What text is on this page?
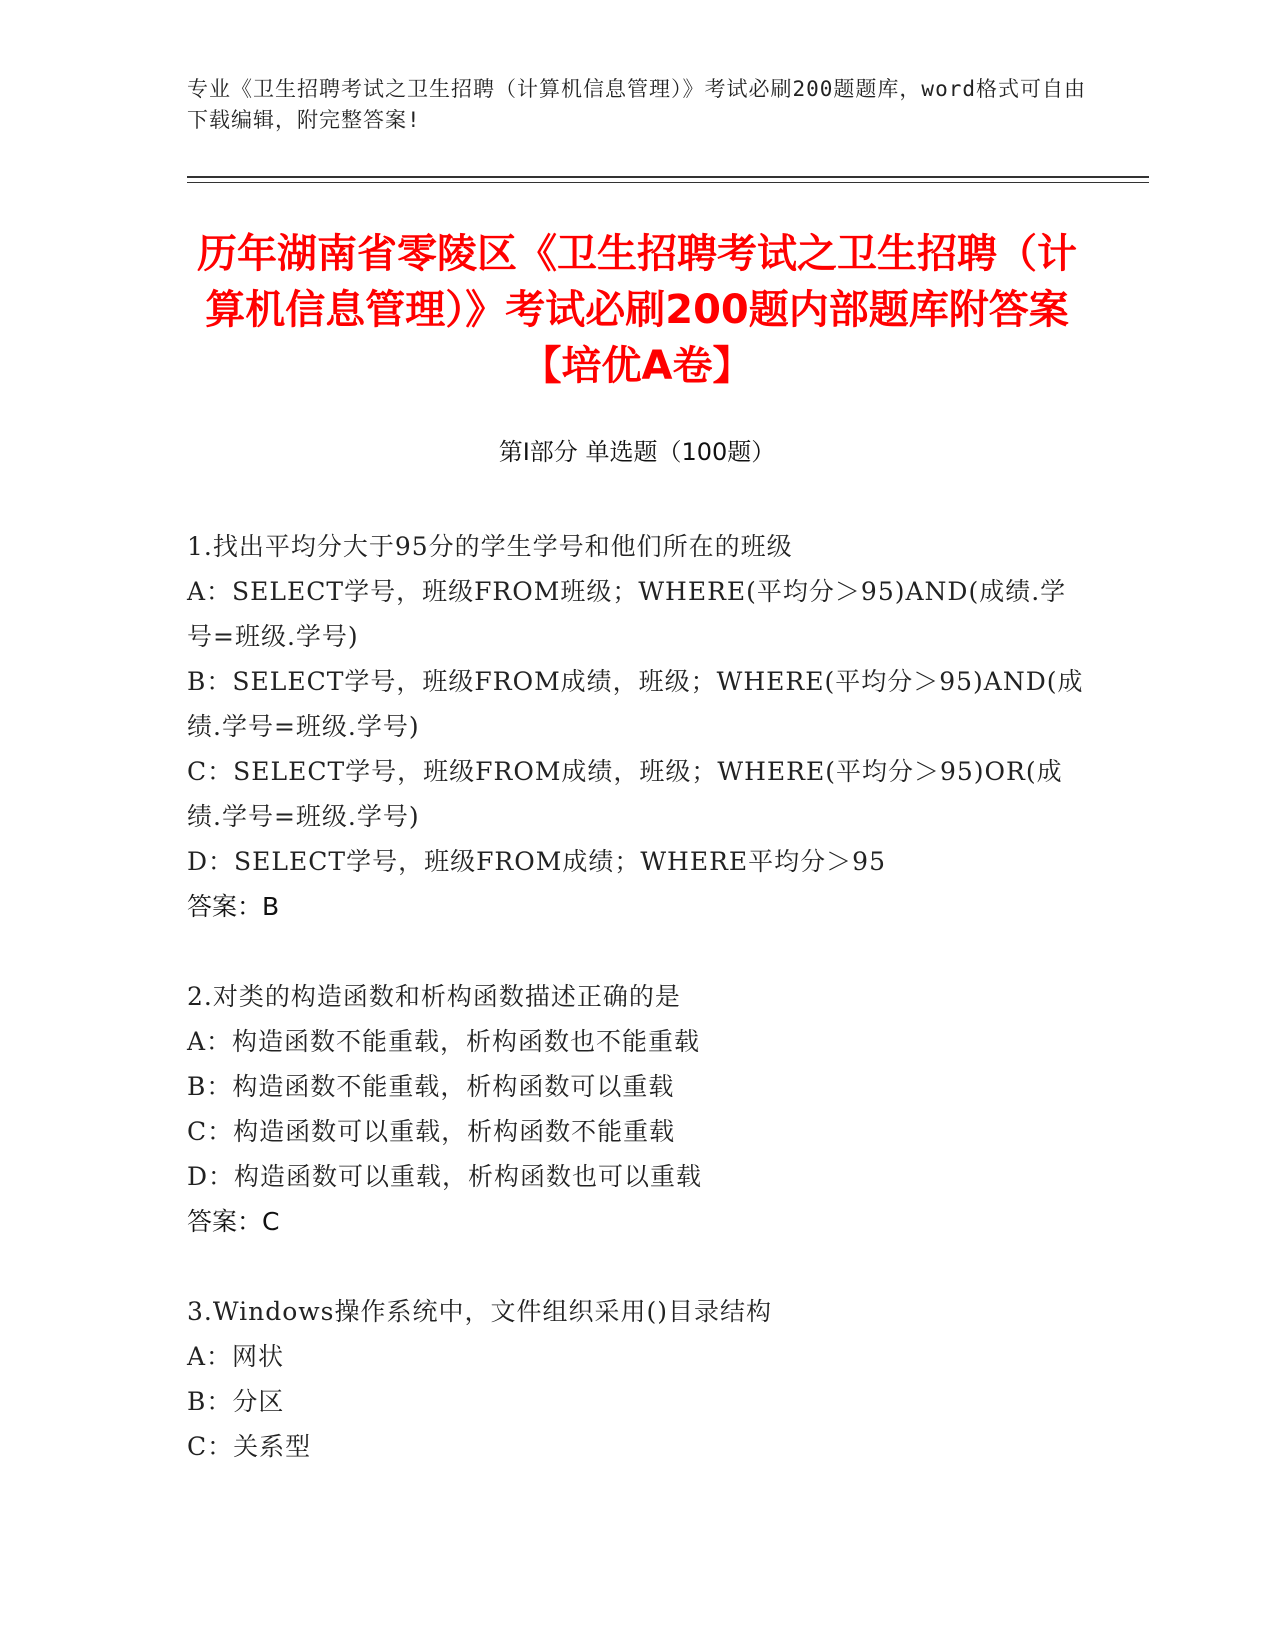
专业《卫生招聘考试之卫生招聘（计算机信息管理）》考试必刷200题题库，word格式可自由下载编辑，附完整答案!
历年湖南省零陵区《卫生招聘考试之卫生招聘（计算机信息管理）》考试必刷200题内部题库附答案【培优A卷】
第Ⅰ部分 单选题（100题）

1.找出平均分大于95分的学生学号和他们所在的班级

A：SELECT学号，班级FROM班级；WHERE(平均分＞95)AND(成绩.学号=班级.学号)

B：SELECT学号，班级FROM成绩，班级；WHERE(平均分＞95)AND(成绩.学号=班级.学号)

C：SELECT学号，班级FROM成绩，班级；WHERE(平均分＞95)OR(成绩.学号=班级.学号)

D：SELECT学号，班级FROM成绩；WHERE平均分＞95

答案：B

2.对类的构造函数和析构函数描述正确的是

A：构造函数不能重载，析构函数也不能重载

B：构造函数不能重载，析构函数可以重载

C：构造函数可以重载，析构函数不能重载

D：构造函数可以重载，析构函数也可以重载

答案：C

3.Windows操作系统中，文件组织采用()目录结构

A：网状

B：分区

C：关系型
